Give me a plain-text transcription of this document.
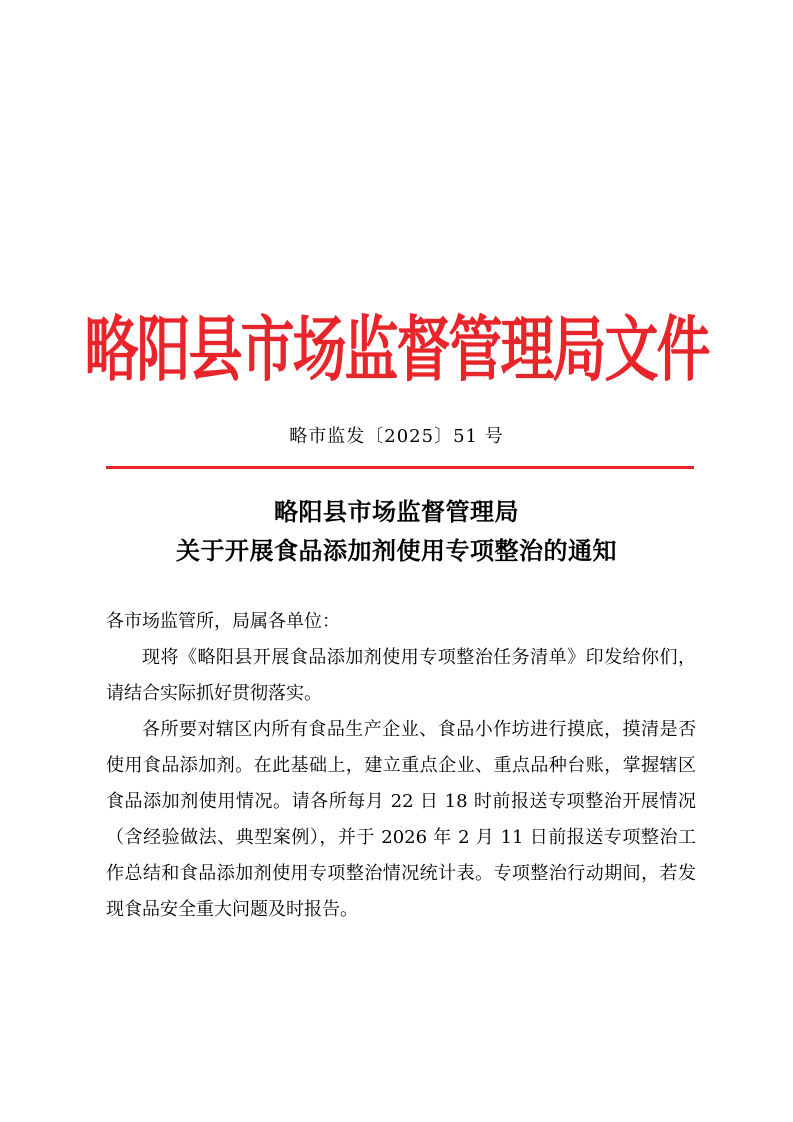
略阳县市场监督管理局文件
略市监发〔2025〕51 号
略阳县市场监督管理局
关于开展食品添加剂使用专项整治的通知

各市场监管所，局属各单位：

现将《略阳县开展食品添加剂使用专项整治任务清单》印发给你们，请结合实际抓好贯彻落实。

各所要对辖区内所有食品生产企业、食品小作坊进行摸底，摸清是否使用食品添加剂。在此基础上，建立重点企业、重点品种台账，掌握辖区食品添加剂使用情况。请各所每月 22 日 18 时前报送专项整治开展情况（含经验做法、典型案例），并于 2026 年 2 月 11 日前报送专项整治工作总结和食品添加剂使用专项整治情况统计表。专项整治行动期间，若发现食品安全重大问题及时报告。
